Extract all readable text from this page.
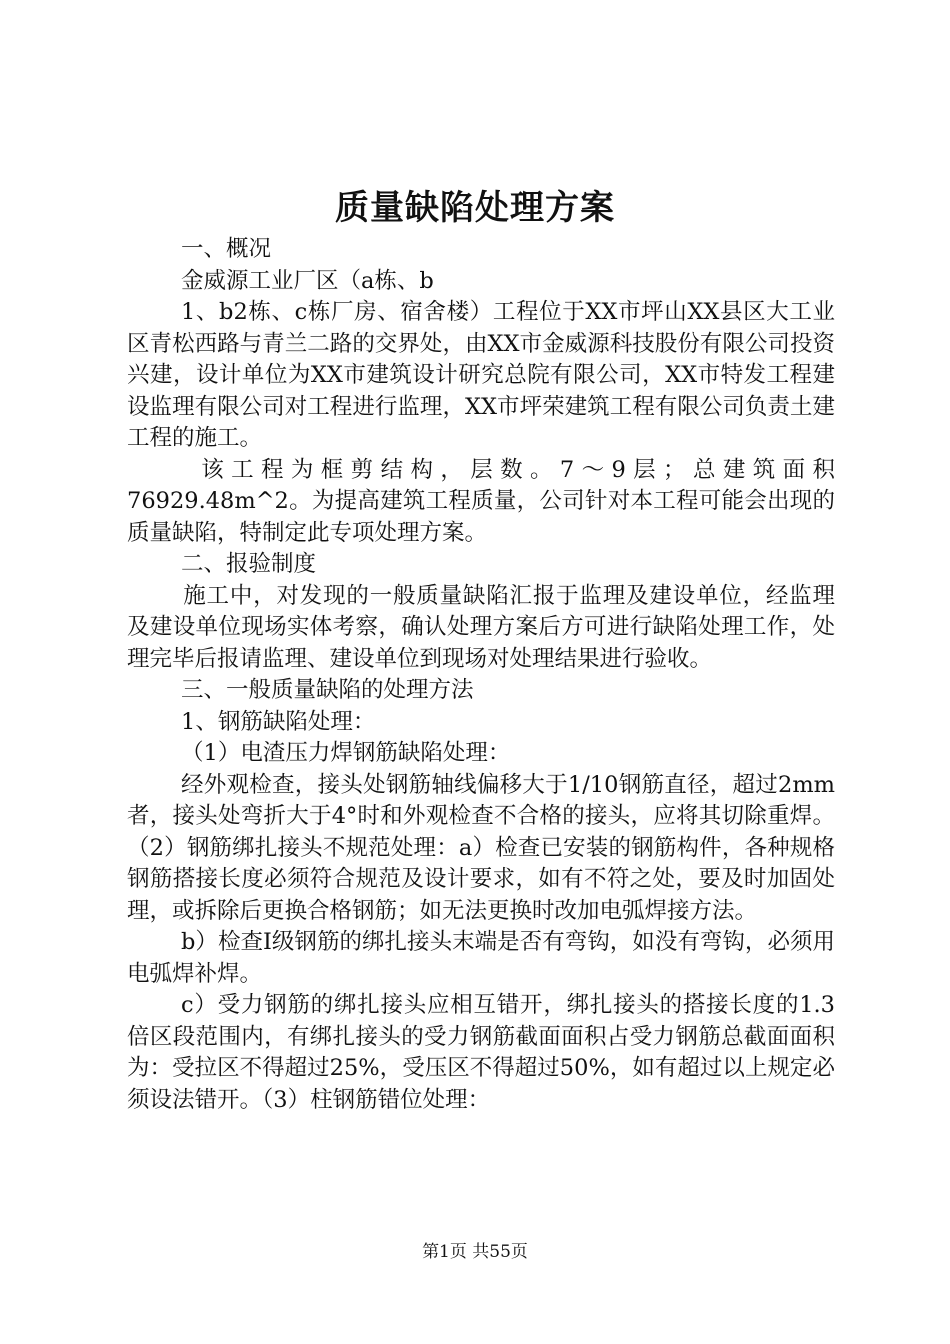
质量缺陷处理方案

一、概况

金威源工业厂区（a栋、b

1、b2栋、c栋厂房、宿舍楼）工程位于XX市坪山XX县区大工业区青松西路与青兰二路的交界处，由XX市金威源科技股份有限公司投资兴建，设计单位为XX市建筑设计研究总院有限公司，XX市特发工程建设监理有限公司对工程进行监理，XX市坪荣建筑工程有限公司负责土建工程的施工。

该工程为框剪结构，层数。7～9层；总建筑面积76929.48m^2。为提高建筑工程质量，公司针对本工程可能会出现的质量缺陷，特制定此专项处理方案。

二、报验制度

施工中，对发现的一般质量缺陷汇报于监理及建设单位，经监理及建设单位现场实体考察，确认处理方案后方可进行缺陷处理工作，处理完毕后报请监理、建设单位到现场对处理结果进行验收。

三、一般质量缺陷的处理方法

1、钢筋缺陷处理：

（1）电渣压力焊钢筋缺陷处理：

经外观检查，接头处钢筋轴线偏移大于1/10钢筋直径，超过2mm者，接头处弯折大于4°时和外观检查不合格的接头，应将其切除重焊。（2）钢筋绑扎接头不规范处理：a）检查已安装的钢筋构件，各种规格钢筋搭接长度必须符合规范及设计要求，如有不符之处，要及时加固处理，或拆除后更换合格钢筋；如无法更换时改加电弧焊接方法。

b）检查Ⅰ级钢筋的绑扎接头末端是否有弯钩，如没有弯钩，必须用电弧焊补焊。

c）受力钢筋的绑扎接头应相互错开，绑扎接头的搭接长度的1.3倍区段范围内，有绑扎接头的受力钢筋截面面积占受力钢筋总截面面积为：受拉区不得超过25%，受压区不得超过50%，如有超过以上规定必须设法错开。（3）柱钢筋错位处理：

第1页 共55页
